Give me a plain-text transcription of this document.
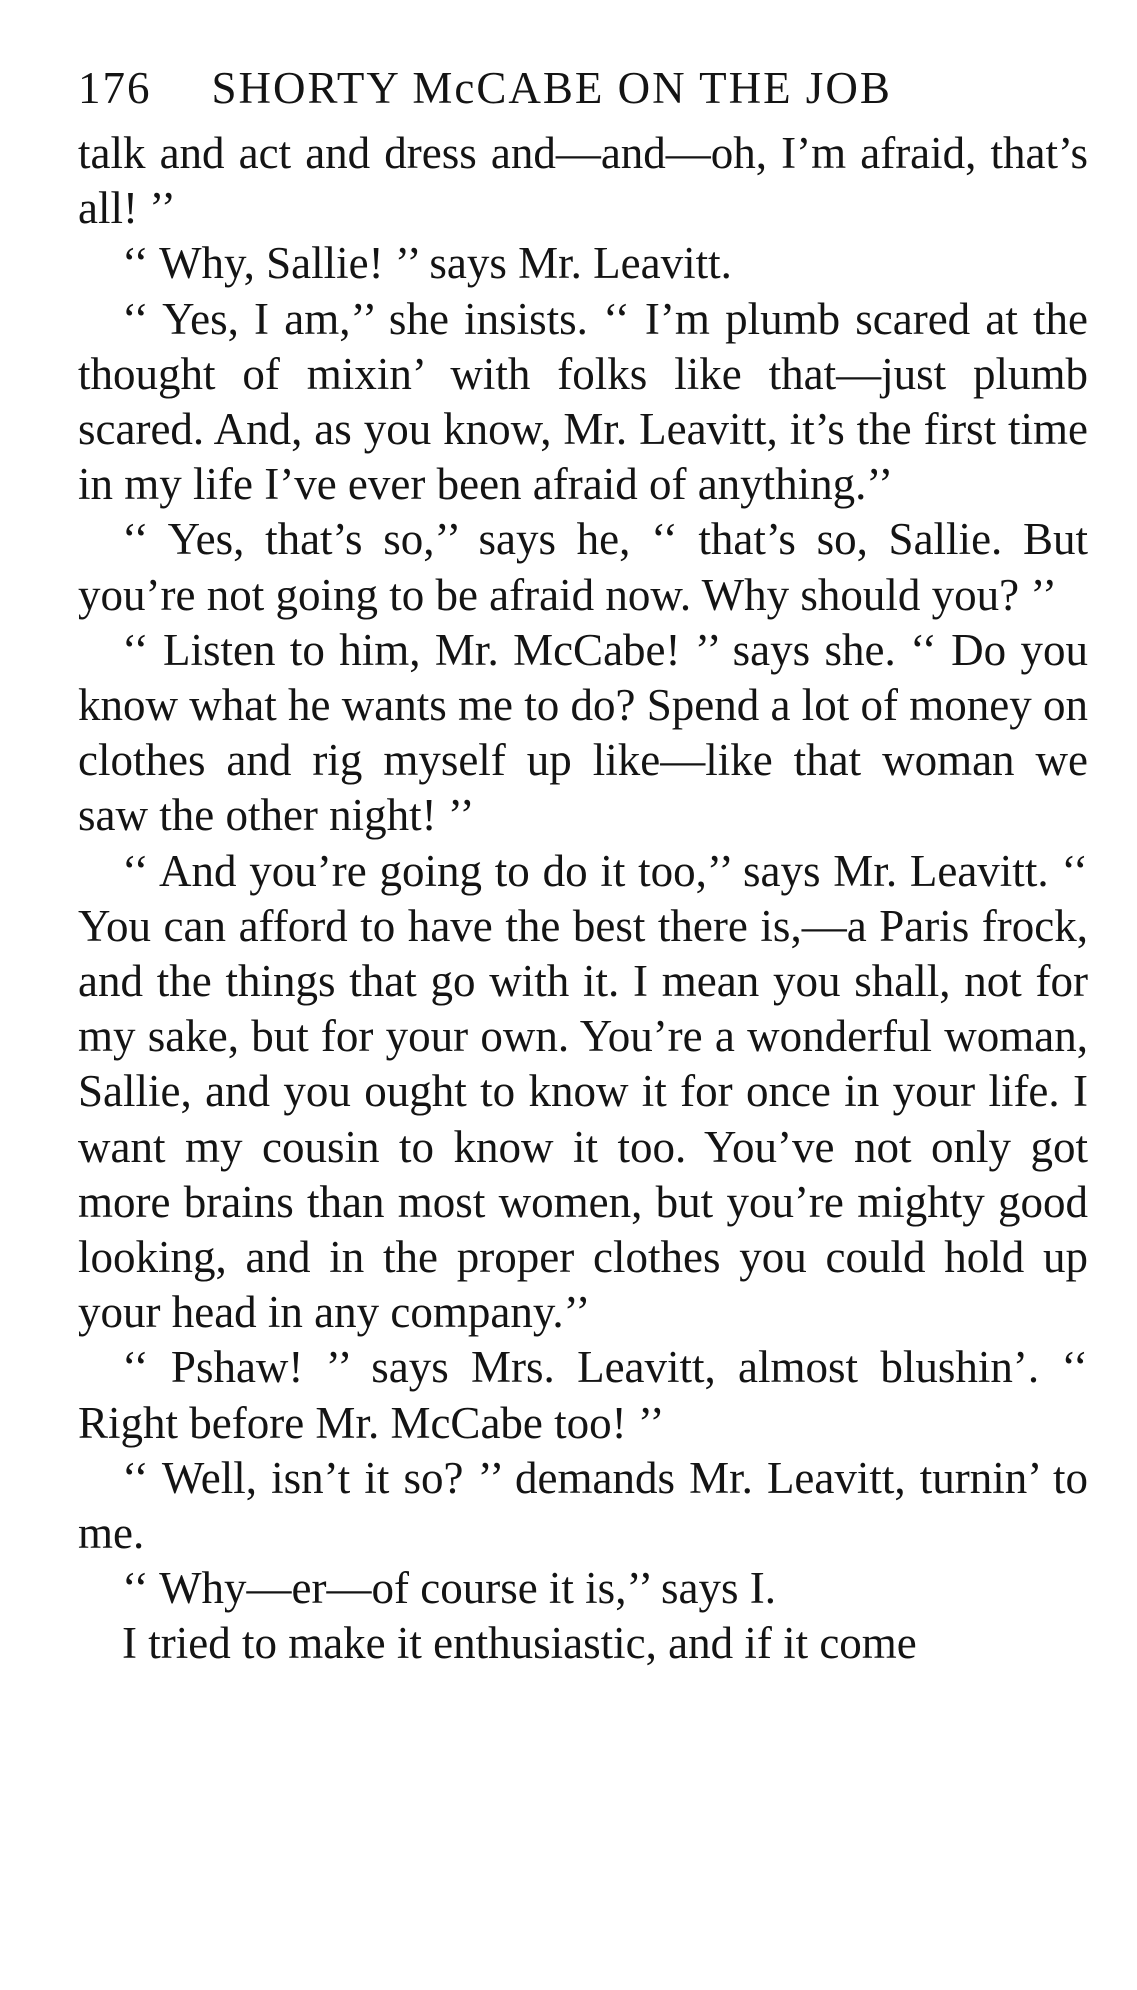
176 SHORTY McCABE ON THE JOB

talk and act and dress and—and—oh, I’m afraid, that’s all! ’’

‘‘ Why, Sallie! ’’ says Mr. Leavitt.

‘‘ Yes, I am,’’ she insists. ‘‘ I’m plumb scared at the thought of mixin’ with folks like that—just plumb scared. And, as you know, Mr. Leavitt, it’s the first time in my life I’ve ever been afraid of anything.’’

‘‘ Yes, that’s so,’’ says he, ‘‘ that’s so, Sallie. But you’re not going to be afraid now. Why should you? ’’

‘‘ Listen to him, Mr. McCabe! ’’ says she. ‘‘ Do you know what he wants me to do? Spend a lot of money on clothes and rig myself up like—like that woman we saw the other night! ’’

‘‘ And you’re going to do it too,’’ says Mr. Leavitt. ‘‘ You can afford to have the best there is,—a Paris frock, and the things that go with it. I mean you shall, not for my sake, but for your own. You’re a wonderful woman, Sallie, and you ought to know it for once in your life. I want my cousin to know it too. You’ve not only got more brains than most women, but you’re mighty good looking, and in the proper clothes you could hold up your head in any company.’’

‘‘ Pshaw! ’’ says Mrs. Leavitt, almost blushin’. ‘‘ Right before Mr. McCabe too! ’’

‘‘ Well, isn’t it so? ’’ demands Mr. Leavitt, turnin’ to me.

‘‘ Why—er—of course it is,’’ says I.

I tried to make it enthusiastic, and if it come
